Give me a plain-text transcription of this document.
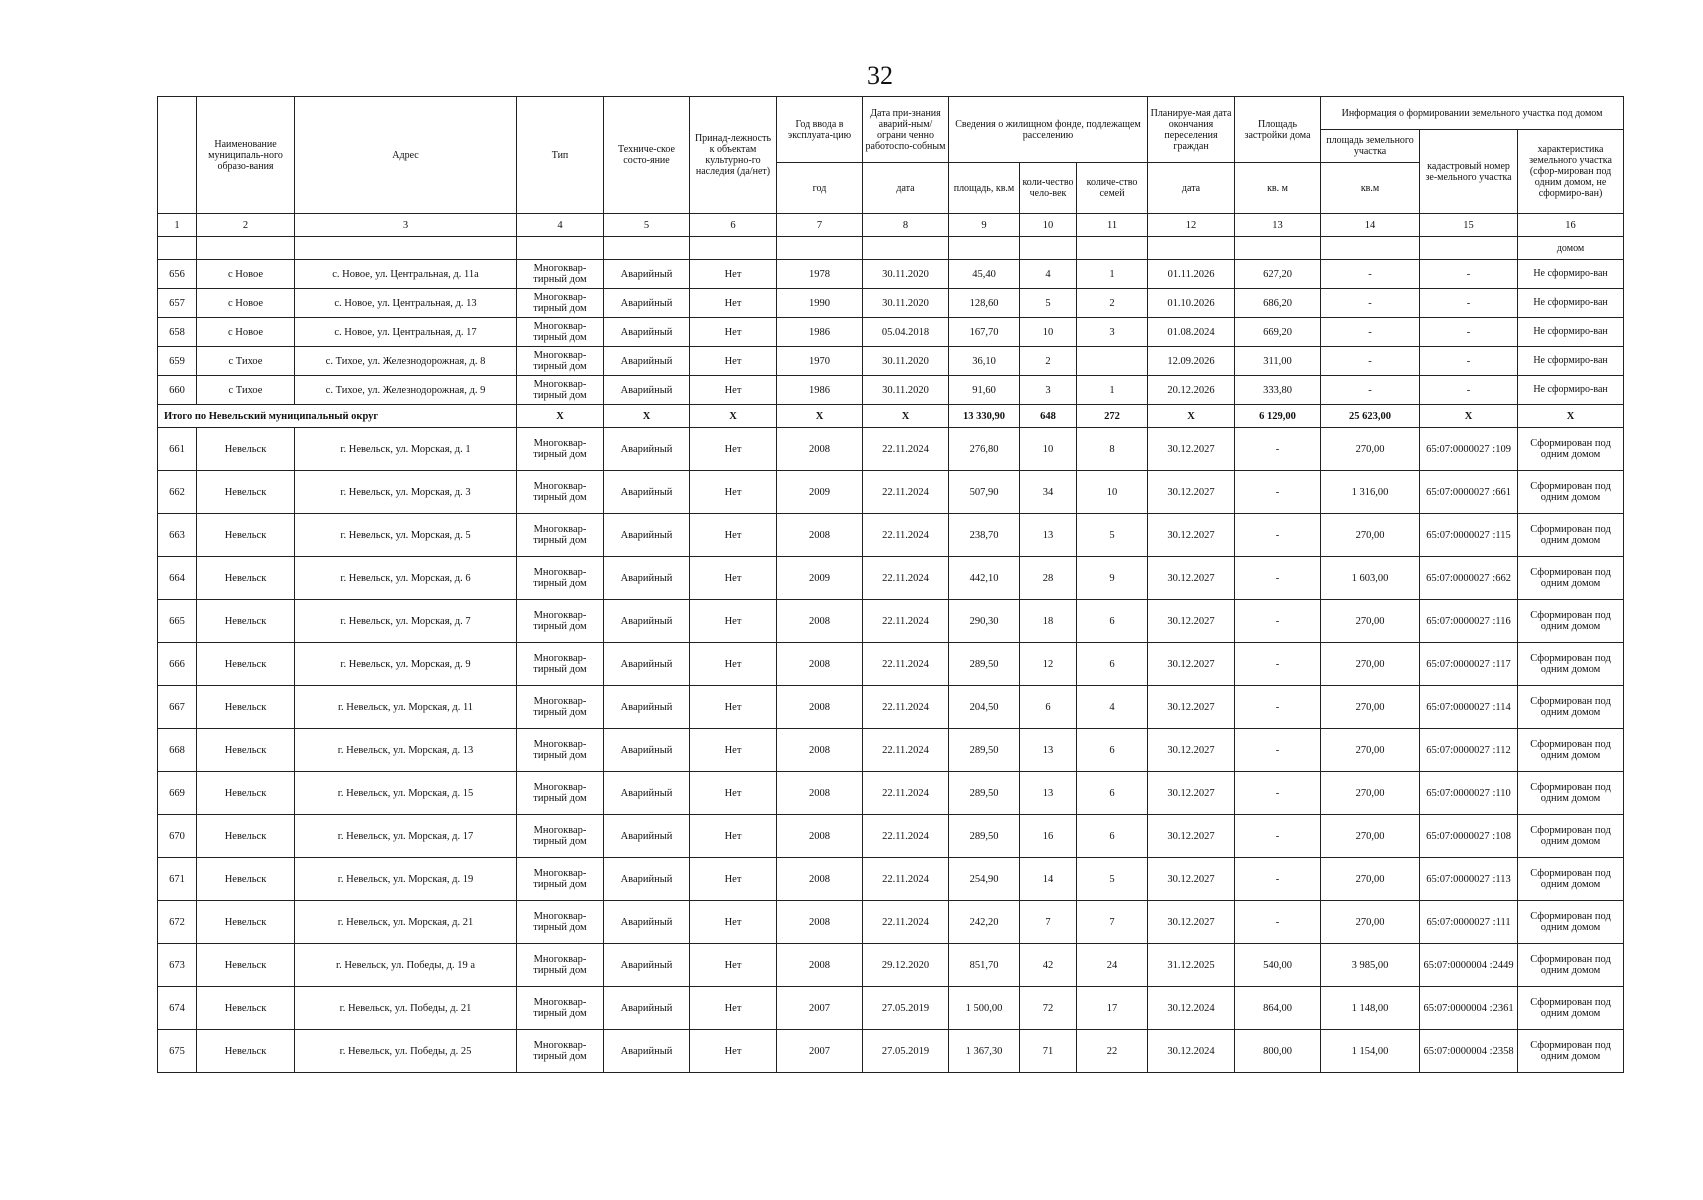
32
	Наименование муниципаль-ного образо-вания	Адрес	Тип	Техниче-ское состо-яние	Принад-лежность к объектам культурно-го наследия (да/нет)	Год ввода в эксплуата-цию	Дата при-знания аварий-ным/ограни ченно работоспо-собным	Сведения о жилищном фонде, подлежащем расселению			Планируе-мая дата окончания переселения граждан	Площадь застройки дома	Информация о формировании земельного участка под домом		
													площадь земельного участка	кадастровый номер зе-мельного участка	характеристика земельного участка (сфор-мирован под одним домом, не сформиро-ван)
						год	дата	площадь, кв.м	коли-чество чело-век	количе-ство семей	дата	кв. м	кв.м		
1	2	3	4	5	6	7	8	9	10	11	12	13	14	15	16
															домом
656	с Новое	с. Новое, ул. Центральная, д. 11а	Многоквар-тирный дом	Аварийный	Нет	1978	30.11.2020	45,40	4	1	01.11.2026	627,20	-	-	Не сформиро-ван
657	с Новое	с. Новое, ул. Центральная, д. 13	Многоквар-тирный дом	Аварийный	Нет	1990	30.11.2020	128,60	5	2	01.10.2026	686,20	-	-	Не сформиро-ван
658	с Новое	с. Новое, ул. Центральная, д. 17	Многоквар-тирный дом	Аварийный	Нет	1986	05.04.2018	167,70	10	3	01.08.2024	669,20	-	-	Не сформиро-ван
659	с Тихое	с. Тихое, ул. Железнодорожная, д. 8	Многоквар-тирный дом	Аварийный	Нет	1970	30.11.2020	36,10	2		12.09.2026	311,00	-	-	Не сформиро-ван
660	с Тихое	с. Тихое, ул. Железнодорожная, д. 9	Многоквар-тирный дом	Аварийный	Нет	1986	30.11.2020	91,60	3	1	20.12.2026	333,80	-	-	Не сформиро-ван
Итого по Невельский муниципальный округ			X	X	X	X	X	13 330,90	648	272	X	6 129,00	25 623,00	X	X
661	Невельск	г. Невельск, ул. Морская, д. 1	Многоквар-тирный дом	Аварийный	Нет	2008	22.11.2024	276,80	10	8	30.12.2027	-	270,00	65:07:0000027 :109	Сформирован под одним домом
662	Невельск	г. Невельск, ул. Морская, д. 3	Многоквар-тирный дом	Аварийный	Нет	2009	22.11.2024	507,90	34	10	30.12.2027	-	1 316,00	65:07:0000027 :661	Сформирован под одним домом
663	Невельск	г. Невельск, ул. Морская, д. 5	Многоквар-тирный дом	Аварийный	Нет	2008	22.11.2024	238,70	13	5	30.12.2027	-	270,00	65:07:0000027 :115	Сформирован под одним домом
664	Невельск	г. Невельск, ул. Морская, д. 6	Многоквар-тирный дом	Аварийный	Нет	2009	22.11.2024	442,10	28	9	30.12.2027	-	1 603,00	65:07:0000027 :662	Сформирован под одним домом
665	Невельск	г. Невельск, ул. Морская, д. 7	Многоквар-тирный дом	Аварийный	Нет	2008	22.11.2024	290,30	18	6	30.12.2027	-	270,00	65:07:0000027 :116	Сформирован под одним домом
666	Невельск	г. Невельск, ул. Морская, д. 9	Многоквар-тирный дом	Аварийный	Нет	2008	22.11.2024	289,50	12	6	30.12.2027	-	270,00	65:07:0000027 :117	Сформирован под одним домом
667	Невельск	г. Невельск, ул. Морская, д. 11	Многоквар-тирный дом	Аварийный	Нет	2008	22.11.2024	204,50	6	4	30.12.2027	-	270,00	65:07:0000027 :114	Сформирован под одним домом
668	Невельск	г. Невельск, ул. Морская, д. 13	Многоквар-тирный дом	Аварийный	Нет	2008	22.11.2024	289,50	13	6	30.12.2027	-	270,00	65:07:0000027 :112	Сформирован под одним домом
669	Невельск	г. Невельск, ул. Морская, д. 15	Многоквар-тирный дом	Аварийный	Нет	2008	22.11.2024	289,50	13	6	30.12.2027	-	270,00	65:07:0000027 :110	Сформирован под одним домом
670	Невельск	г. Невельск, ул. Морская, д. 17	Многоквар-тирный дом	Аварийный	Нет	2008	22.11.2024	289,50	16	6	30.12.2027	-	270,00	65:07:0000027 :108	Сформирован под одним домом
671	Невельск	г. Невельск, ул. Морская, д. 19	Многоквар-тирный дом	Аварийный	Нет	2008	22.11.2024	254,90	14	5	30.12.2027	-	270,00	65:07:0000027 :113	Сформирован под одним домом
672	Невельск	г. Невельск, ул. Морская, д. 21	Многоквар-тирный дом	Аварийный	Нет	2008	22.11.2024	242,20	7	7	30.12.2027	-	270,00	65:07:0000027 :111	Сформирован под одним домом
673	Невельск	г. Невельск, ул. Победы, д. 19 а	Многоквар-тирный дом	Аварийный	Нет	2008	29.12.2020	851,70	42	24	31.12.2025	540,00	3 985,00	65:07:0000004 :2449	Сформирован под одним домом
674	Невельск	г. Невельск, ул. Победы, д. 21	Многоквар-тирный дом	Аварийный	Нет	2007	27.05.2019	1 500,00	72	17	30.12.2024	864,00	1 148,00	65:07:0000004 :2361	Сформирован под одним домом
675	Невельск	г. Невельск, ул. Победы, д. 25	Многоквар-тирный дом	Аварийный	Нет	2007	27.05.2019	1 367,30	71	22	30.12.2024	800,00	1 154,00	65:07:0000004 :2358	Сформирован под одним домом
